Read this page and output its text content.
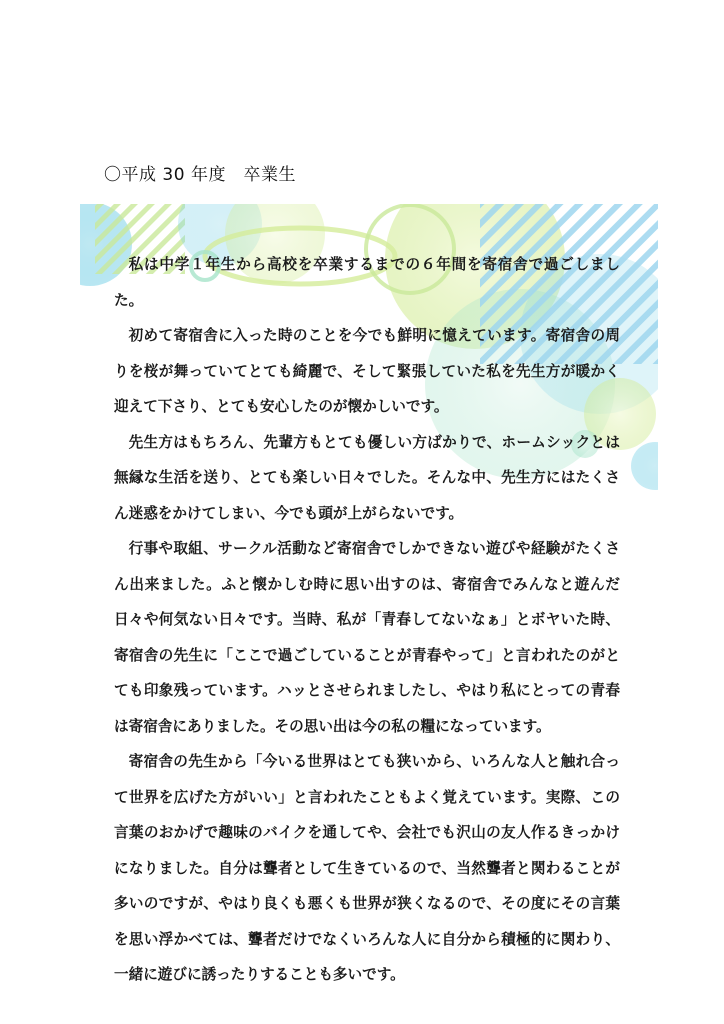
〇平成 30 年度　卒業生

私は中学１年生から高校を卒業するまでの６年間を寄宿舎で過ごしました。

初めて寄宿舎に入った時のことを今でも鮮明に憶えています。寄宿舎の周りを桜が舞っていてとても綺麗で、そして緊張していた私を先生方が暖かく迎えて下さり、とても安心したのが懐かしいです。

先生方はもちろん、先輩方もとても優しい方ばかりで、ホームシックとは無縁な生活を送り、とても楽しい日々でした。そんな中、先生方にはたくさん迷惑をかけてしまい、今でも頭が上がらないです。

行事や取組、サークル活動など寄宿舎でしかできない遊びや経験がたくさん出来ました。ふと懐かしむ時に思い出すのは、寄宿舎でみんなと遊んだ日々や何気ない日々です。当時、私が「青春してないなぁ」とボヤいた時、寄宿舎の先生に「ここで過ごしていることが青春やって」と言われたのがとても印象残っています。ハッとさせられましたし、やはり私にとっての青春は寄宿舎にありました。その思い出は今の私の糧になっています。

寄宿舎の先生から「今いる世界はとても狭いから、いろんな人と触れ合って世界を広げた方がいい」と言われたこともよく覚えています。実際、この言葉のおかげで趣味のバイクを通してや、会社でも沢山の友人作るきっかけになりました。自分は聾者として生きているので、当然聾者と関わることが多いのですが、やはり良くも悪くも世界が狭くなるので、その度にその言葉を思い浮かべては、聾者だけでなくいろんな人に自分から積極的に関わり、一緒に遊びに誘ったりすることも多いです。
